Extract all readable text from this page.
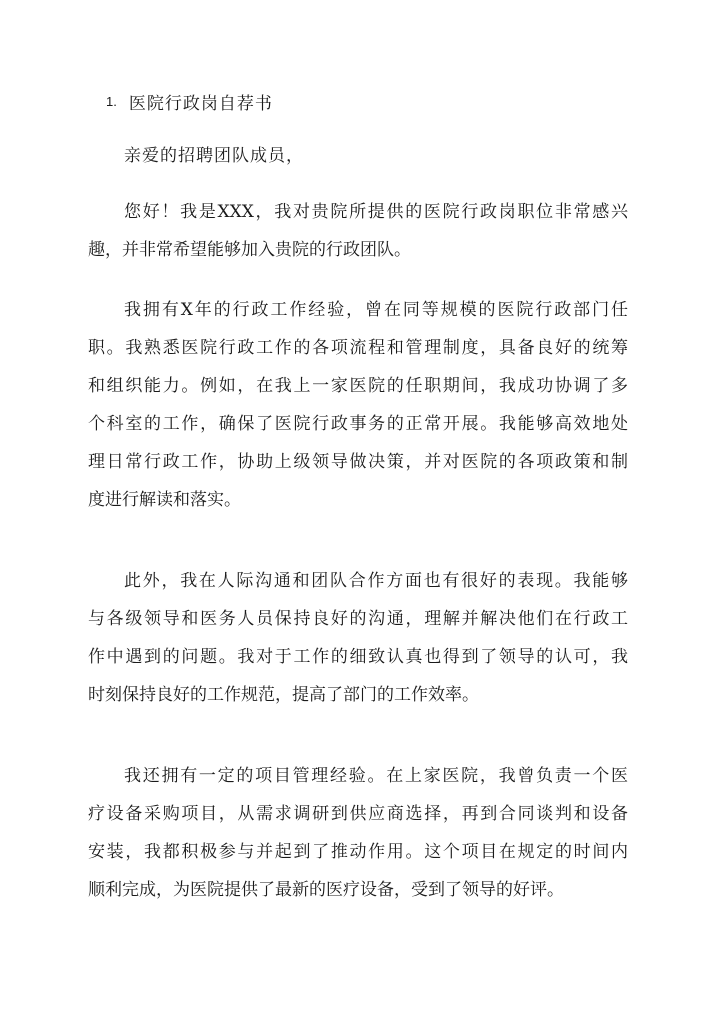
1. 医院行政岗自荐书
亲爱的招聘团队成员，
您好！我是XXX，我对贵院所提供的医院行政岗职位非常感兴
趣，并非常希望能够加入贵院的行政团队。
我拥有X年的行政工作经验，曾在同等规模的医院行政部门任
职。我熟悉医院行政工作的各项流程和管理制度，具备良好的统筹
和组织能力。例如，在我上一家医院的任职期间，我成功协调了多
个科室的工作，确保了医院行政事务的正常开展。我能够高效地处
理日常行政工作，协助上级领导做决策，并对医院的各项政策和制
度进行解读和落实。
此外，我在人际沟通和团队合作方面也有很好的表现。我能够
与各级领导和医务人员保持良好的沟通，理解并解决他们在行政工
作中遇到的问题。我对于工作的细致认真也得到了领导的认可，我
时刻保持良好的工作规范，提高了部门的工作效率。
我还拥有一定的项目管理经验。在上家医院，我曾负责一个医
疗设备采购项目，从需求调研到供应商选择，再到合同谈判和设备
安装，我都积极参与并起到了推动作用。这个项目在规定的时间内
顺利完成，为医院提供了最新的医疗设备，受到了领导的好评。
